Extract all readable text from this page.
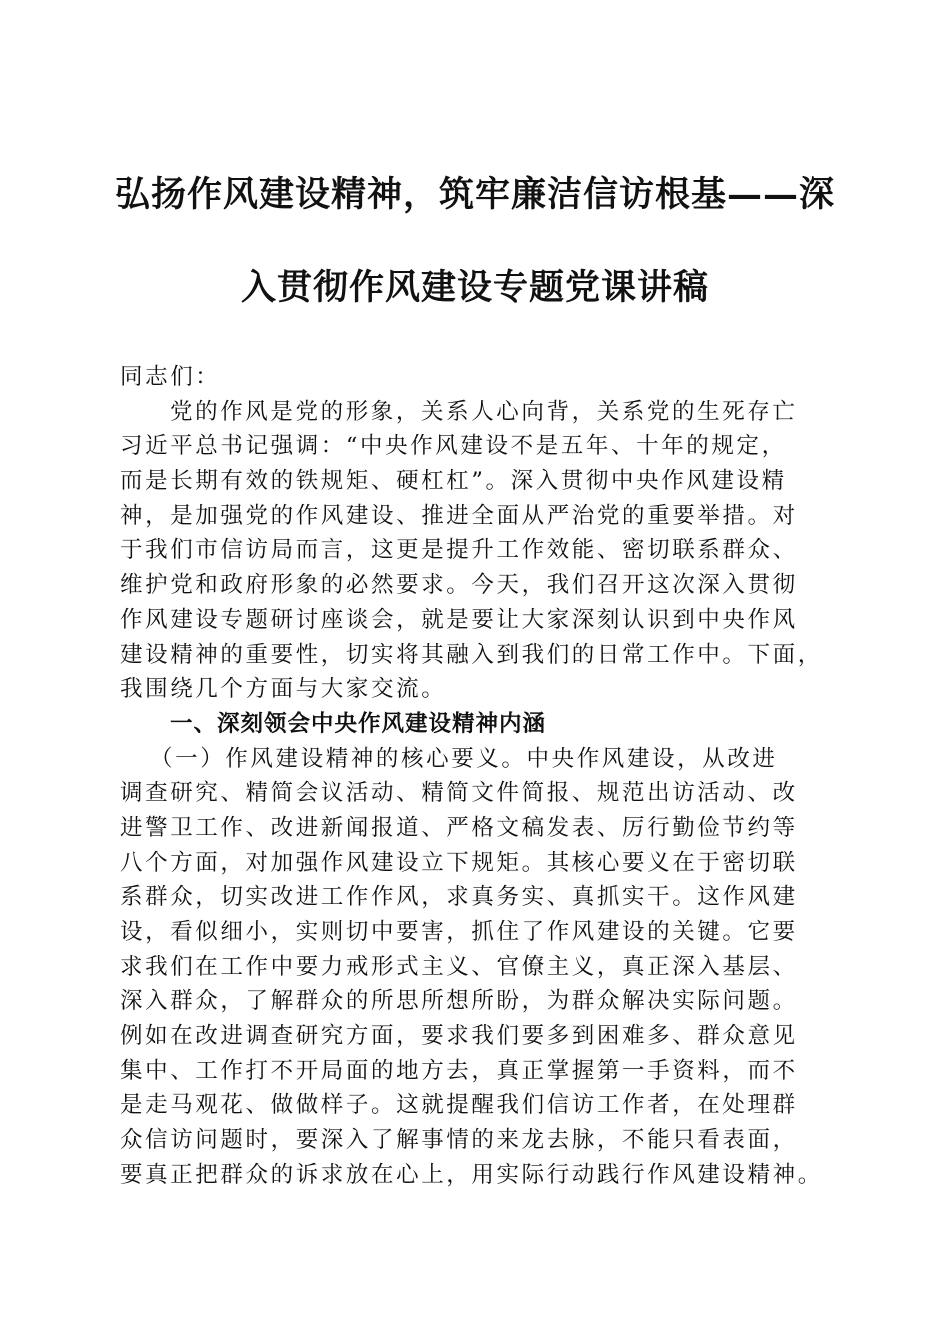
弘扬作风建设精神，筑牢廉洁信访根基——深
入贯彻作风建设专题党课讲稿
同志们：
党的作风是党的形象，关系人心向背，关系党的生死存亡
习近平总书记强调：“中央作风建设不是五年、十年的规定，
而是长期有效的铁规矩、硬杠杠”。深入贯彻中央作风建设精
神，是加强党的作风建设、推进全面从严治党的重要举措。对
于我们市信访局而言，这更是提升工作效能、密切联系群众、
维护党和政府形象的必然要求。今天，我们召开这次深入贯彻
作风建设专题研讨座谈会，就是要让大家深刻认识到中央作风
建设精神的重要性，切实将其融入到我们的日常工作中。下面，
我围绕几个方面与大家交流。
一、深刻领会中央作风建设精神内涵
（一）作风建设精神的核心要义。中央作风建设，从改进
调查研究、精简会议活动、精简文件简报、规范出访活动、改
进警卫工作、改进新闻报道、严格文稿发表、厉行勤俭节约等
八个方面，对加强作风建设立下规矩。其核心要义在于密切联
系群众，切实改进工作作风，求真务实、真抓实干。这作风建
设，看似细小，实则切中要害，抓住了作风建设的关键。它要
求我们在工作中要力戒形式主义、官僚主义，真正深入基层、
深入群众，了解群众的所思所想所盼，为群众解决实际问题。
例如在改进调查研究方面，要求我们要多到困难多、群众意见
集中、工作打不开局面的地方去，真正掌握第一手资料，而不
是走马观花、做做样子。这就提醒我们信访工作者，在处理群
众信访问题时，要深入了解事情的来龙去脉，不能只看表面，
要真正把群众的诉求放在心上，用实际行动践行作风建设精神。
